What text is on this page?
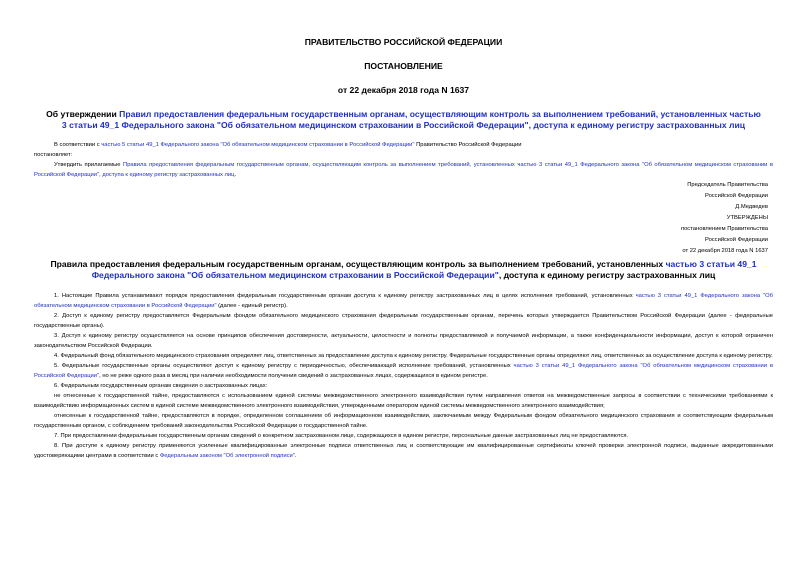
ПРАВИТЕЛЬСТВО РОССИЙСКОЙ ФЕДЕРАЦИИ
ПОСТАНОВЛЕНИЕ
от 22 декабря 2018 года N 1637
Об утверждении Правил предоставления федеральным государственным органам, осуществляющим контроль за выполнением требований, установленных частью 3 статьи 49_1 Федерального закона "Об обязательном медицинском страховании в Российской Федерации", доступа к единому регистру застрахованных лиц
В соответствии с частью 5 статьи 49_1 Федерального закона "Об обязательном медицинском страховании в Российской Федерации" Правительство Российской Федерации
постановляет:
Утвердить прилагаемые Правила предоставления федеральным государственным органам, осуществляющим контроль за выполнением требований, установленных частью 3 статьи 49_1 Федерального закона "Об обязательном медицинском страховании в Российской Федерации", доступа к единому регистру застрахованных лиц.
Председатель Правительства
Российской Федерации
Д.Медведев
УТВЕРЖДЕНЫ
постановлением Правительства
Российской Федерации
от 22 декабря 2018 года N 1637
Правила предоставления федеральным государственным органам, осуществляющим контроль за выполнением требований, установленных частью 3 статьи 49_1 Федерального закона "Об обязательном медицинском страховании в Российской Федерации", доступа к единому регистру застрахованных лиц
1. Настоящие Правила устанавливают порядок предоставления федеральным государственным органам доступа к единому регистру застрахованных лиц в целях исполнения требований, установленных частью 3 статьи 49_1 Федерального закона "Об обязательном медицинском страховании в Российской Федерации" (далее - единый регистр).
2. Доступ к единому регистру предоставляется Федеральным фондом обязательного медицинского страхования федеральным государственным органам, перечень которых утверждается Правительством Российской Федерации (далее - федеральные государственные органы).
3. Доступ к единому регистру осуществляется на основе принципов обеспечения достоверности, актуальности, целостности и полноты предоставляемой и получаемой информации, а также конфиденциальности информации, доступ к которой ограничен законодательством Российской Федерации.
4. Федеральный фонд обязательного медицинского страхования определяет лиц, ответственных за предоставление доступа к единому регистру. Федеральные государственные органы определяют лиц, ответственных за осуществление доступа к единому регистру.
5. Федеральные государственные органы осуществляют доступ к единому регистру с периодичностью, обеспечивающей исполнение требований, установленных частью 3 статьи 49_1 Федерального закона "Об обязательном медицинском страховании в Российской Федерации", но не реже одного раза в месяц при наличии необходимости получения сведений о застрахованных лицах, содержащихся в едином регистре.
6. Федеральным государственным органам сведения о застрахованных лицах:
не отнесенные к государственной тайне, предоставляются с использованием единой системы межведомственного электронного взаимодействия путем направления ответов на межведомственные запросы в соответствии с техническими требованиями к взаимодействию информационных систем в единой системе межведомственного электронного взаимодействия, утвержденными оператором единой системы межведомственного электронного взаимодействия;
отнесенные к государственной тайне, предоставляются в порядке, определенном соглашением об информационном взаимодействии, заключаемым между Федеральным фондом обязательного медицинского страхования и соответствующим федеральным государственным органом, с соблюдением требований законодательства Российской Федерации о государственной тайне.
7. При предоставлении федеральным государственным органам сведений о конкретном застрахованном лице, содержащихся в едином регистре, персональные данные застрахованных лиц не предоставляются.
8. При доступе к единому регистру применяются усиленные квалифицированные электронные подписи ответственных лиц и соответствующие им квалифицированные сертификаты ключей проверки электронной подписи, выданные аккредитованными удостоверяющими центрами в соответствии с Федеральным законом "Об электронной подписи".
